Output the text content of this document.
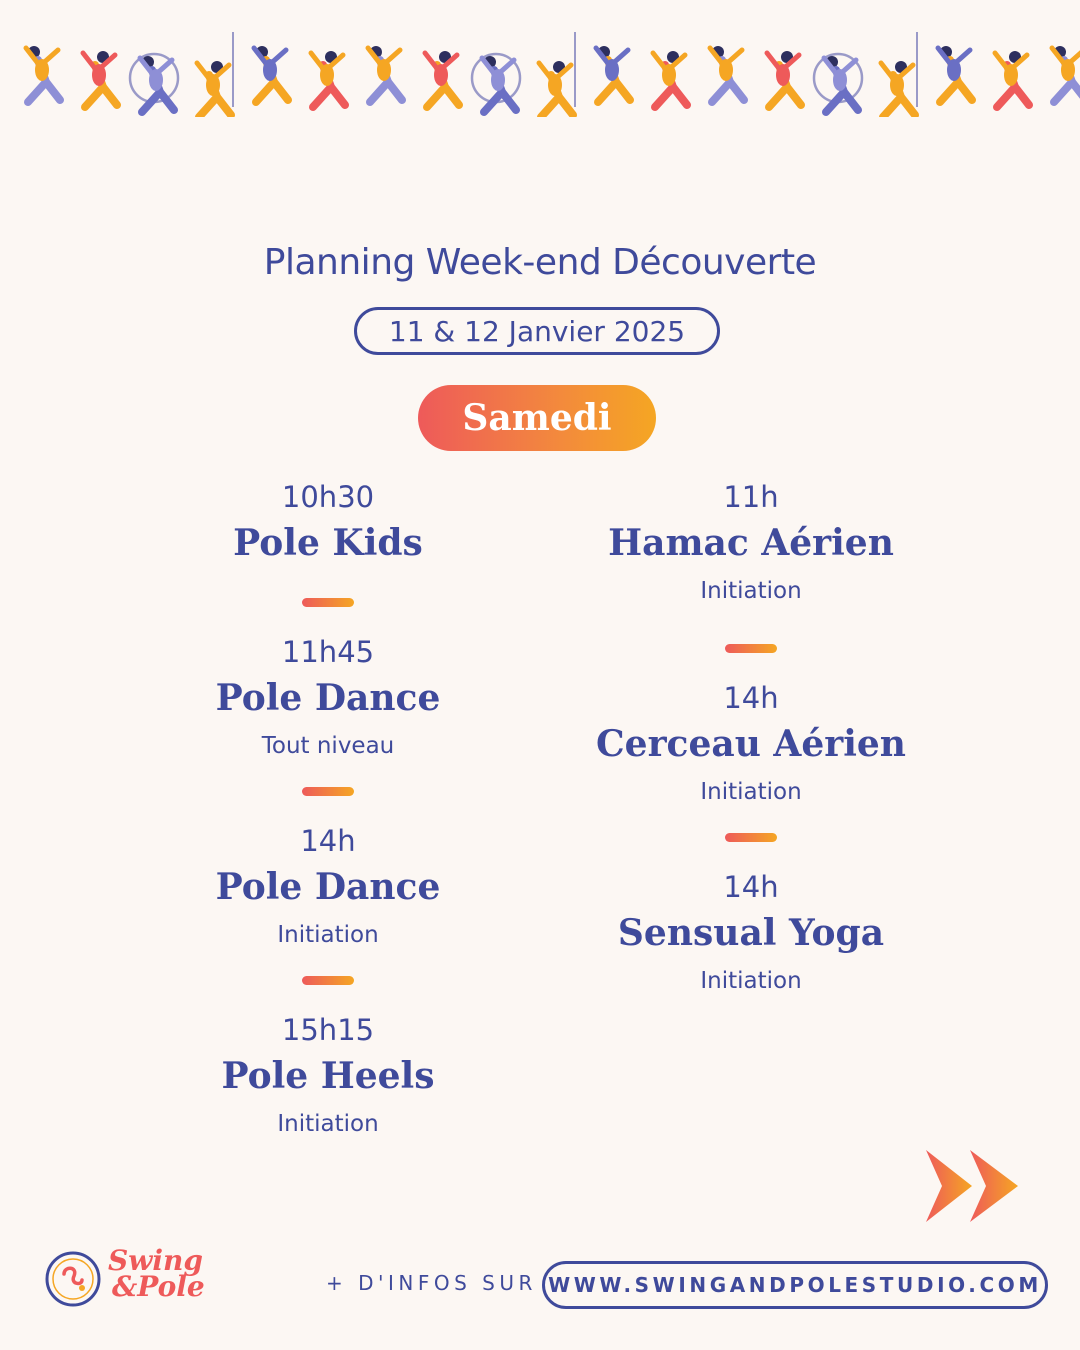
Planning Week-end Découverte
11 & 12 Janvier 2025
Samedi
10h30
Pole Kids
11h45
Pole Dance
Tout niveau
14h
Pole Dance
Initiation
15h15
Pole Heels
Initiation
11h
Hamac Aérien
Initiation
14h
Cerceau Aérien
Initiation
14h
Sensual Yoga
Initiation
Swing
&Pole	+ D'INFOS SUR WWW.SWINGANDPOLESTUDIO.COM
